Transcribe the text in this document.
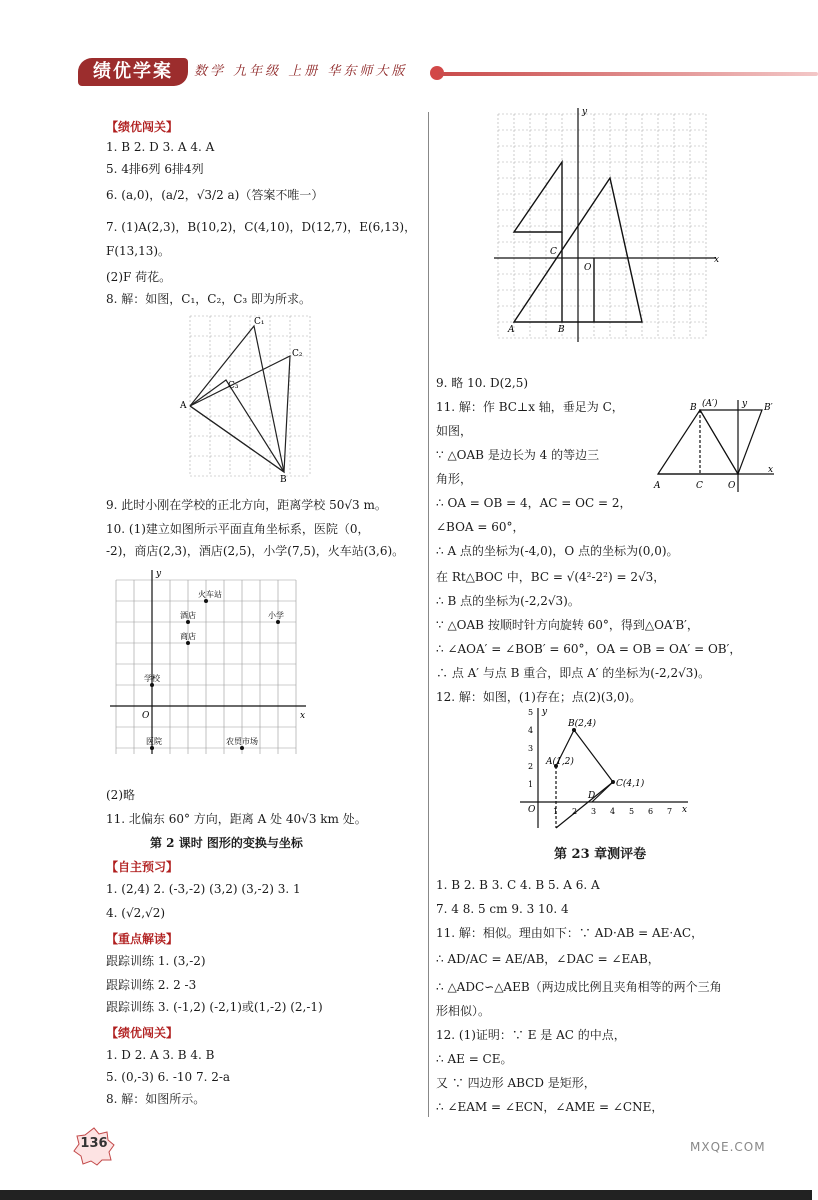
绩优学案	数学 九年级 上册 华东师大版
【绩优闯关】
1. B 2. D 3. A 4. A
5. 4排6列 6排4列
6. (a,0)，(a/2，√3/2 a)（答案不唯一）
7. (1)A(2,3)，B(10,2)，C(4,10)，D(12,7)，E(6,13)，
F(13,13)。
(2)F 荷花。
8. 解：如图，C₁，C₂，C₃ 即为所求。
C₁
C₂
C₃
A
B
9. 此时小刚在学校的正北方向，距离学校 50√3 m。
10. (1)建立如图所示平面直角坐标系，医院（0，
-2)，商店(2,3)，酒店(2,5)，小学(7,5)，火车站(3,6)。
y
x
O
火车站
酒店	小学
商店
学校
医院	农贸市场
(2)略
11. 北偏东 60° 方向，距离 A 处 40√3 km 处。
第 2 课时 图形的变换与坐标
【自主预习】
1. (2,4) 2. (-3,-2) (3,2) (3,-2) 3. 1
4. (√2,√2)
【重点解读】
跟踪训练 1. (3,-2)
跟踪训练 2. 2 -3
跟踪训练 3. (-1,2) (-2,1)或(1,-2) (2,-1)
【绩优闯关】
1. D 2. A 3. B 4. B
5. (0,-3) 6. -10 7. 2-a
8. 解：如图所示。
y
x
O
A	B
C
9. 略 10. D(2,5)
11. 解：作 BC⊥x 轴，垂足为 C，
如图，
∵ △OAB 是边长为 4 的等边三
角形，
∴ OA = OB = 4，AC = OC = 2，
∠BOA = 60°，
B (A′)	B′
A	C	O
x
y
∴ A 点的坐标为(-4,0)，O 点的坐标为(0,0)。
在 Rt△BOC 中，BC = √(4²-2²) = 2√3，
∴ B 点的坐标为(-2,2√3)。
∵ △OAB 按顺时针方向旋转 60°，得到△OA′B′，
∴ ∠AOA′ = ∠BOB′ = 60°，OA = OB = OA′ = OB′，
∴ 点 A′ 与点 B 重合，即点 A′ 的坐标为(-2,2√3)。
12. 解：如图，(1)存在；点(2)(3,0)。
y
x
O
B(2,4)
A(1,2)
C(4,1)
D
1 2 3 4 5 6 7
1
2
3
4
5
第 23 章测评卷
1. B 2. B 3. C 4. B 5. A 6. A
7. 4 8. 5 cm 9. 3 10. 4
11. 解：相似。理由如下：∵ AD·AB = AE·AC，
∴ AD/AC = AE/AB，∠DAC = ∠EAB，
∴ △ADC∽△AEB（两边成比例且夹角相等的两个三角
形相似）。
12. (1)证明：∵ E 是 AC 的中点，
∴ AE = CE。
又 ∵ 四边形 ABCD 是矩形，
∴ ∠EAM = ∠ECN，∠AME = ∠CNE，
136	MXQE.COM
